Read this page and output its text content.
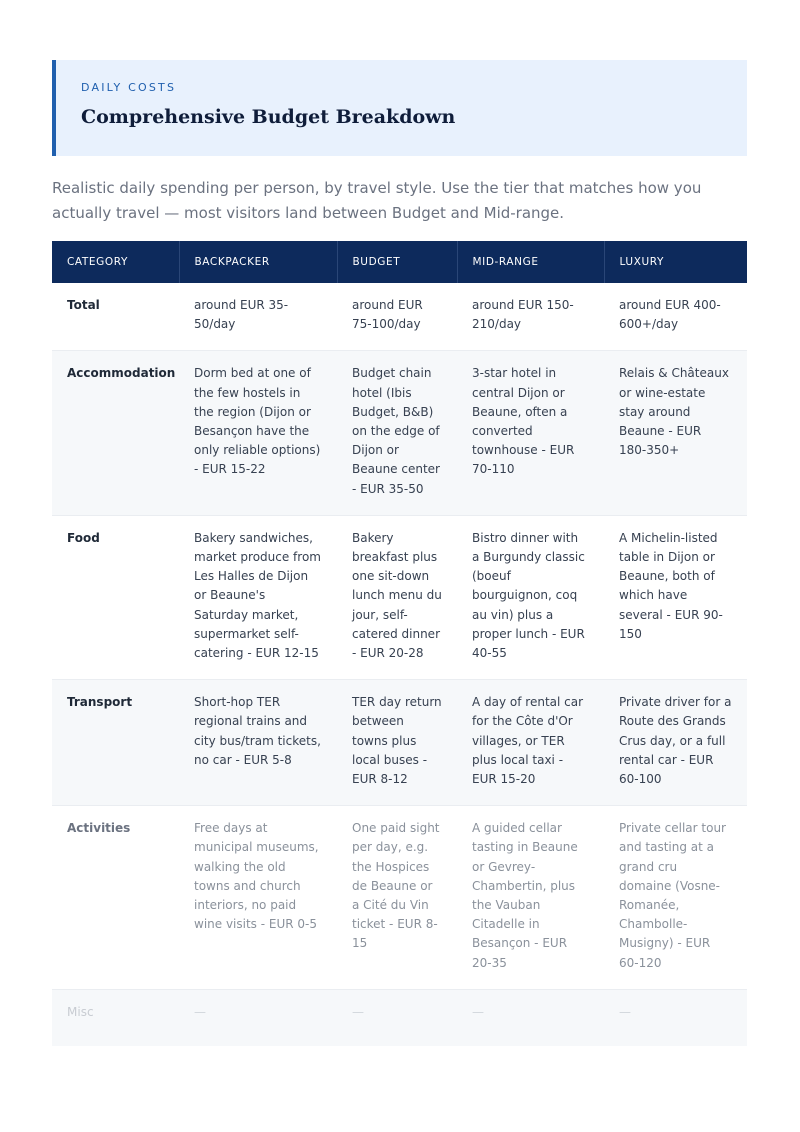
DAILY COSTS
Comprehensive Budget Breakdown

Realistic daily spending per person, by travel style. Use the tier that matches how you actually travel — most visitors land between Budget and Mid-range.

CATEGORY	BACKPACKER	BUDGET	MID-RANGE	LUXURY
Total	around EUR 35-50/day	around EUR 75-100/day	around EUR 150-210/day	around EUR 400-600+/day
Accommodation	Dorm bed at one of the few hostels in the region (Dijon or Besançon have the only reliable options) - EUR 15-22	Budget chain hotel (Ibis Budget, B&B) on the edge of Dijon or Beaune center - EUR 35-50	3-star hotel in central Dijon or Beaune, often a converted townhouse - EUR 70-110	Relais & Châteaux or wine-estate stay around Beaune - EUR 180-350+
Food	Bakery sandwiches, market produce from Les Halles de Dijon or Beaune's Saturday market, supermarket self-catering - EUR 12-15	Bakery breakfast plus one sit-down lunch menu du jour, self-catered dinner - EUR 20-28	Bistro dinner with a Burgundy classic (boeuf bourguignon, coq au vin) plus a proper lunch - EUR 40-55	A Michelin-listed table in Dijon or Beaune, both of which have several - EUR 90-150
Transport	Short-hop TER regional trains and city bus/tram tickets, no car - EUR 5-8	TER day return between towns plus local buses - EUR 8-12	A day of rental car for the Côte d'Or villages, or TER plus local taxi - EUR 15-20	Private driver for a Route des Grands Crus day, or a full rental car - EUR 60-100
Activities	Free days at municipal museums, walking the old towns and church interiors, no paid wine visits - EUR 0-5	One paid sight per day, e.g. the Hospices de Beaune or a Cité du Vin ticket - EUR 8-15	A guided cellar tasting in Beaune or Gevrey-Chambertin, plus the Vauban Citadelle in Besançon - EUR 20-35	Private cellar tour and tasting at a grand cru domaine (Vosne-Romanée, Chambolle-Musigny) - EUR 60-120
Misc	—	—	—	—
